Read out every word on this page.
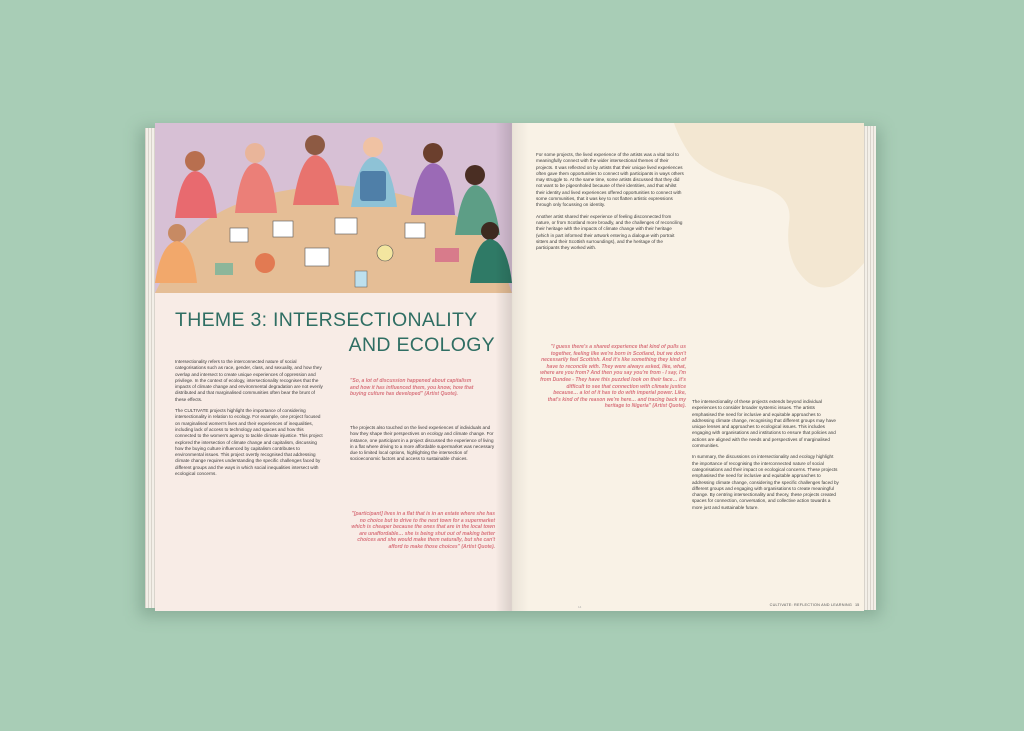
THEME 3: INTERSECTIONALITY
AND ECOLOGY

Intersectionality refers to the interconnected nature of social categorisations such as race, gender, class, and sexuality, and how they overlap and intersect to create unique experiences of oppression and privilege. In the context of ecology, intersectionality recognises that the impacts of climate change and environmental degradation are not evenly distributed and that marginalised communities often bear the brunt of these effects.

The CULTIVATE projects highlight the importance of considering intersectionality in relation to ecology. For example, one project focused on marginalised women's lives and their experiences of inequalities, including lack of access to technology and spaces and how this connected to the women's agency to tackle climate injustice. This project explored the intersection of climate change and capitalism, discussing how the buying culture influenced by capitalism contributes to environmental issues. This project overtly recognised that addressing climate change requires understanding the specific challenges faced by different groups and the ways in which social inequalities intersect with ecological concerns.

"So, a lot of discussion happened about capitalism and how it has influenced them, you know, how that buying culture has developed" (Artist Quote).

The projects also touched on the lived experiences of individuals and how they shape their perspectives on ecology and climate change. For instance, one participant in a project discussed the experience of living in a flat where driving to a more affordable supermarket was necessary due to limited local options, highlighting the intersection of socioeconomic factors and access to sustainable choices.

"[participant] lives in a flat that is in an estate where she has no choice but to drive to the next town for a supermarket which is cheaper because the ones that are in the local town are unaffordable… she is being shut out of making better choices and she would make them naturally, but she can't afford to make those choices" (Artist Quote).

For some projects, the lived experience of the artists was a vital tool to meaningfully connect with the wider intersectional themes of their projects. It was reflected on by artists that their unique lived experiences often gave them opportunities to connect with participants in ways others may struggle to. At the same time, some artists discussed that they did not want to be pigeonholed because of their identities, and that whilst their identity and lived experiences offered opportunities to connect with some communities, that it was key to not flatten artistic expressions through only focussing on identity.

Another artist shared their experience of feeling disconnected from nature, or from Scotland more broadly, and the challenges of reconciling their heritage with the impacts of climate change with their heritage (which in part informed their artwork entering a dialogue with portrait sitters and their Scottish surroundings), and the heritage of the participants they worked with.

"I guess there's a shared experience that kind of pulls us together, feeling like we're born in Scotland, but we don't necessarily feel Scottish. And it's like something they kind of have to reconcile with. They were always asked, like, what, where are you from? And then you say you're from - I say, I'm from Dundee - They have this puzzled look on their face… it's difficult to see that connection with climate justice because… a lot of it has to do with imperial power. Like, that's kind of the reason we're here… and tracing back my heritage to Nigeria" (Artist Quote).

The intersectionality of these projects extends beyond individual experiences to consider broader systemic issues. The artists emphasised the need for inclusive and equitable approaches to addressing climate change, recognising that different groups may have unique lenses and approaches to ecological issues. This includes engaging with organisations and institutions to ensure that policies and actions are aligned with the needs and perspectives of marginalised communities.

In summary, the discussions on intersectionality and ecology highlight the importance of recognising the interconnected nature of social categorisations and their impact on ecological concerns. These projects emphasised the need for inclusive and equitable approaches to addressing climate change, considering the specific challenges faced by different groups and engaging with organisations to create meaningful change. By centring intersectionality and theory, these projects created spaces for connection, conversation, and collective action towards a more just and sustainable future.

14	CULTIVATE: REFLECTION AND LEARNING 15
